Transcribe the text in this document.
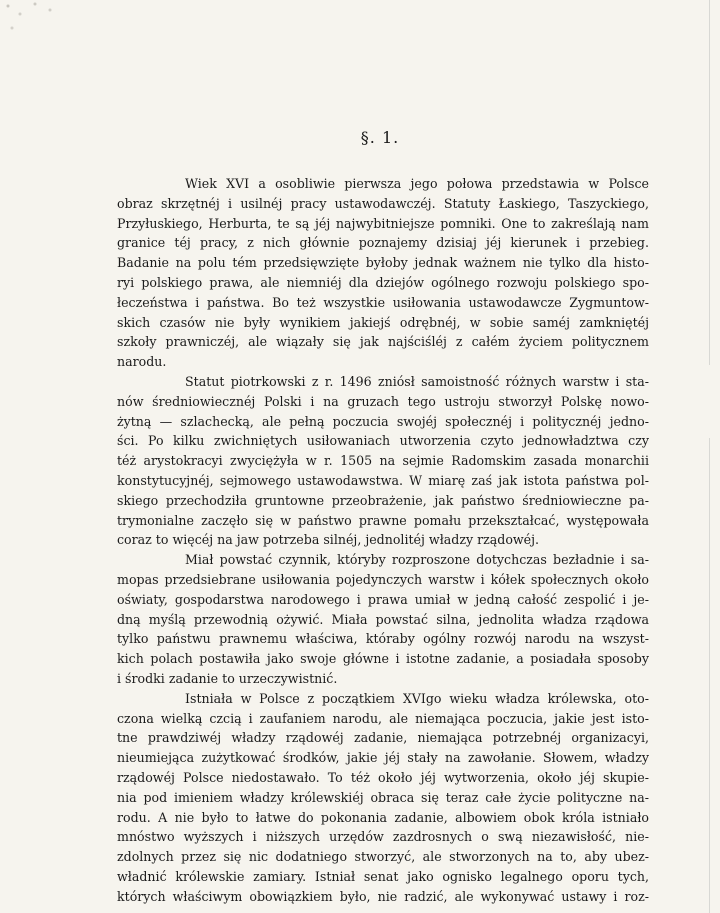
§. 1.
Wiek XVI a osobliwie pierwsza jego połowa przedstawia w Polsce
obraz skrzętnéj i usilnéj pracy ustawodawczéj. Statuty Łaskiego, Taszyckiego,
Przyłuskiego, Herburta, te są jéj najwybitniejsze pomniki. One to zakreślają nam
granice téj pracy, z nich głównie poznajemy dzisiaj jéj kierunek i przebieg.
Badanie na polu tém przedsięwzięte byłoby jednak ważnem nie tylko dla histo-
ryi polskiego prawa, ale niemniéj dla dziejów ogólnego rozwoju polskiego spo-
łeczeństwa i państwa. Bo też wszystkie usiłowania ustawodawcze Zygmuntow-
skich czasów nie były wynikiem jakiejś odrębnéj, w sobie saméj zamkniętéj
szkoły prawniczéj, ale wiązały się jak najściśléj z całém życiem politycznem
narodu.
Statut piotrkowski z r. 1496 zniósł samoistność różnych warstw i sta-
nów średniowiecznéj Polski i na gruzach tego ustroju stworzył Polskę nowo-
żytną — szlachecką, ale pełną poczucia swojéj społecznéj i politycznéj jedno-
ści. Po kilku zwichniętych usiłowaniach utworzenia czyto jednowładztwa czy
téż arystokracyi zwyciężyła w r. 1505 na sejmie Radomskim zasada monarchii
konstytucyjnéj, sejmowego ustawodawstwa. W miarę zaś jak istota państwa pol-
skiego przechodziła gruntowne przeobrażenie, jak państwo średniowieczne pa-
trymonialne zaczęło się w państwo prawne pomału przekształcać, występowała
coraz to więcéj na jaw potrzeba silnéj, jednolitéj władzy rządowéj.
Miał powstać czynnik, któryby rozproszone dotychczas bezładnie i sa-
mopas przedsiebrane usiłowania pojedynczych warstw i kółek społecznych około
oświaty, gospodarstwa narodowego i prawa umiał w jedną całość zespolić i je-
dną myślą przewodnią ożywić. Miała powstać silna, jednolita władza rządowa
tylko państwu prawnemu właściwa, którаby ogólny rozwój narodu na wszyst-
kich polach postawiła jako swoje główne i istotne zadanie, a posiadała sposoby
i środki zadanie to urzeczywistnić.
Istniała w Polsce z początkiem XVIgo wieku władza królewska, oto-
czona wielką czcią i zaufaniem narodu, ale niemająca poczucia, jakie jest isto-
tne prawdziwéj władzy rządowéj zadanie, niemająca potrzebnéj organizacyi,
nieumiejąca zużytkować środków, jakie jéj stały na zawołanie. Słowem, władzy
rządowéj Polsce niedostawało. To téż około jéj wytworzenia, około jéj skupie-
nia pod imieniem władzy królewskiéj obraca się teraz całe życie polityczne na-
rodu. A nie było to łatwe do pokonania zadanie, albowiem obok króla istniało
mnóstwo wyższych i niższych urzędów zazdrosnych o swą niezawisłość, nie-
zdolnych przez się nic dodatniego stworzyć, ale stworzonych na to, aby ubez-
władnić królewskie zamiary. Istniał senat jako ognisko legalnego oporu tych,
których właściwym obowiązkiem było, nie radzić, ale wykonywać ustawy i roz-
